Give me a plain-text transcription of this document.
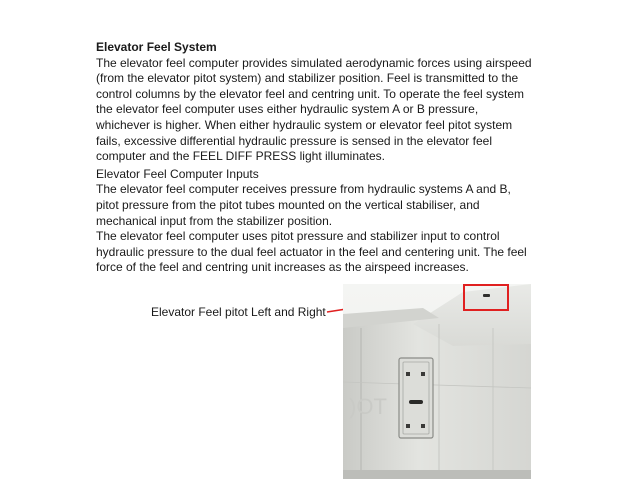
Elevator Feel System
The elevator feel computer provides simulated aerodynamic forces using airspeed
(from the elevator pitot system) and stabilizer position. Feel is transmitted to the
control columns by the elevator feel and centring unit. To operate the feel system
the elevator feel computer uses either hydraulic system A or B pressure,
whichever is higher. When either hydraulic system or elevator feel pitot system
fails, excessive differential hydraulic pressure is sensed in the elevator feel
computer and the FEEL DIFF PRESS light illuminates.
Elevator Feel Computer Inputs
The elevator feel computer receives pressure from hydraulic systems A and B,
pitot pressure from the pitot tubes mounted on the vertical stabiliser, and
mechanical input from the stabilizer position.
The elevator feel computer uses pitot pressure and stabilizer input to control
hydraulic pressure to the dual feel actuator in the feel and centering unit. The feel
force of the feel and centring unit increases as the airspeed increases.
Elevator Feel pitot Left and Right
)OT
